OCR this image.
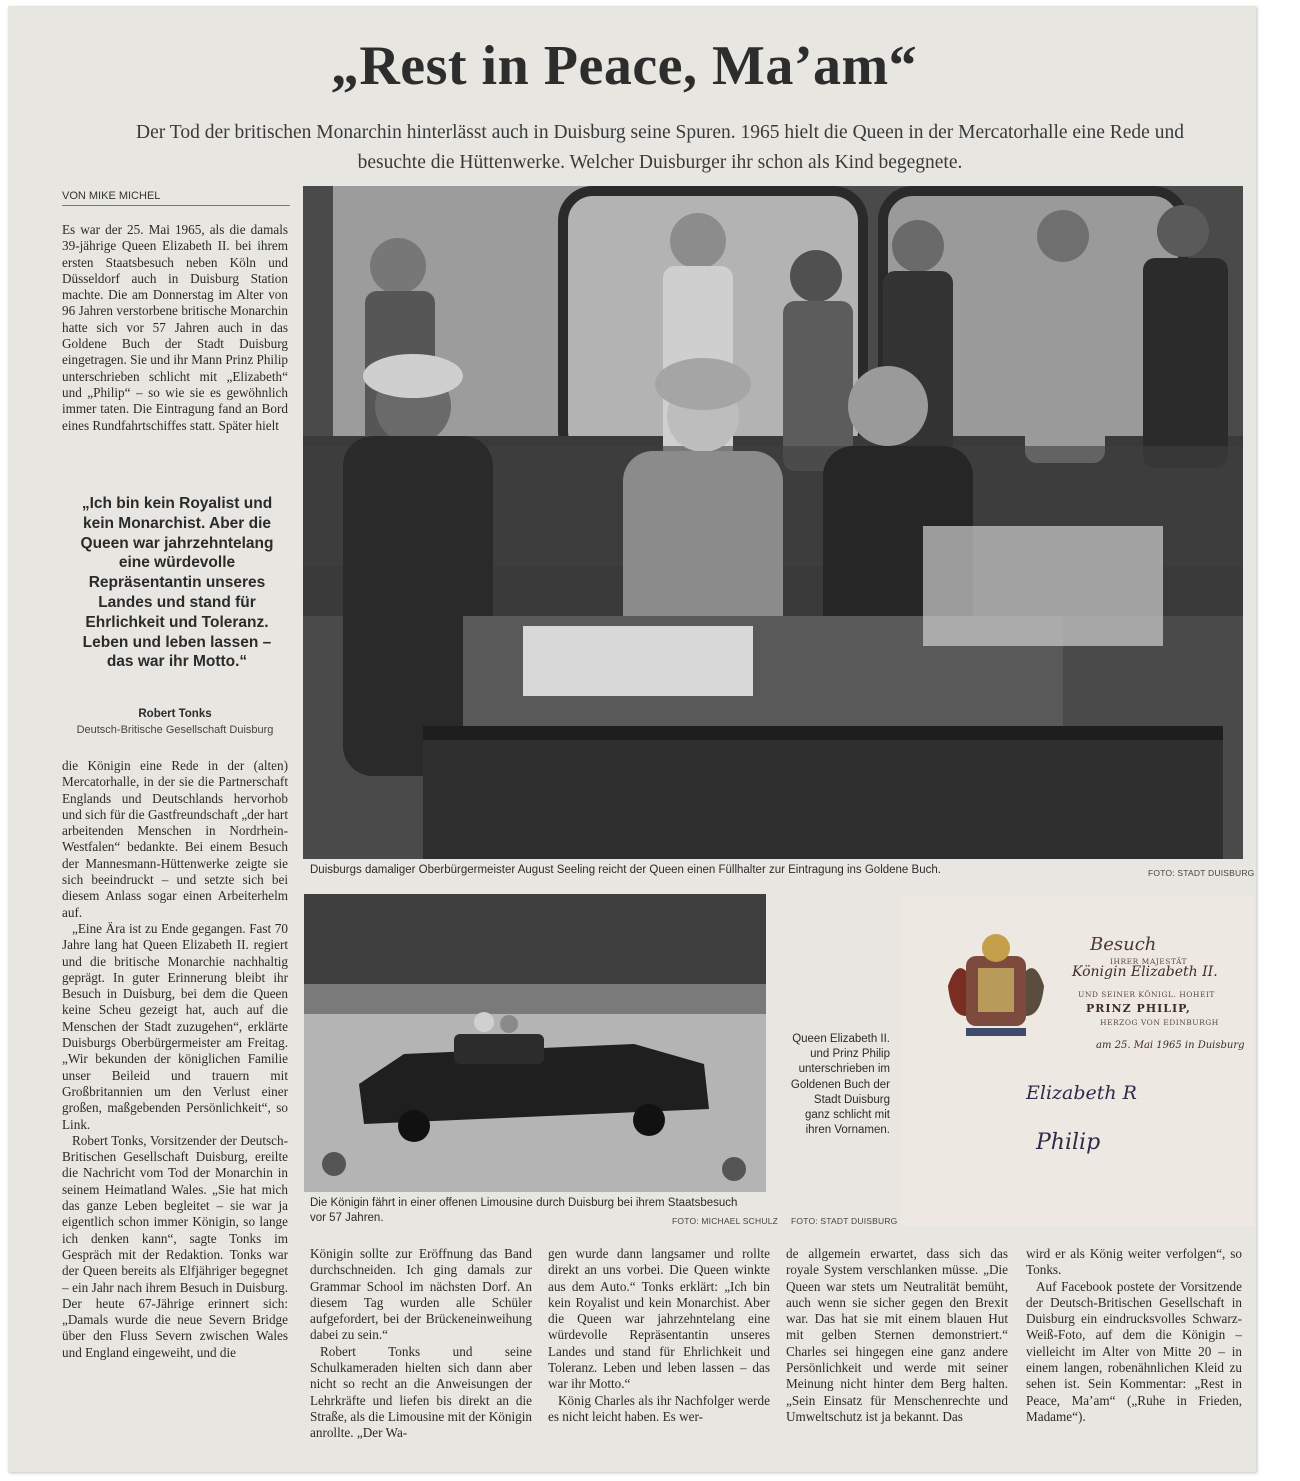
„Rest in Peace, Ma’am“

Der Tod der britischen Monarchin hinterlässt auch in Duisburg seine Spuren. 1965 hielt die Queen in der Mercatorhalle eine Rede und besuchte die Hüttenwerke. Welcher Duisburger ihr schon als Kind begegnete.

VON MIKE MICHEL

Es war der 25. Mai 1965, als die damals 39-jährige Queen Elizabeth II. bei ihrem ersten Staatsbesuch neben Köln und Düsseldorf auch in Duisburg Station machte. Die am Donnerstag im Alter von 96 Jahren verstorbene britische Monarchin hatte sich vor 57 Jahren auch in das Goldene Buch der Stadt Duisburg eingetragen. Sie und ihr Mann Prinz Philip unterschrieben schlicht mit „Elizabeth“ und „Philip“ – so wie sie es gewöhnlich immer taten. Die Eintragung fand an Bord eines Rundfahrtschiffes statt. Später hielt

„Ich bin kein Royalist und kein Monarchist. Aber die Queen war jahrzehntelang eine würdevolle Repräsentantin unseres Landes und stand für Ehrlichkeit und Toleranz. Leben und leben lassen – das war ihr Motto.“
Robert Tonks
Deutsch-Britische Gesellschaft Duisburg

die Königin eine Rede in der (alten) Mercatorhalle, in der sie die Partnerschaft Englands und Deutschlands hervorhob und sich für die Gastfreundschaft „der hart arbeitenden Menschen in Nordrhein-Westfalen“ bedankte. Bei einem Besuch der Mannesmann-Hüttenwerke zeigte sie sich beeindruckt – und setzte sich bei diesem Anlass sogar einen Arbeiterhelm auf.

„Eine Ära ist zu Ende gegangen. Fast 70 Jahre lang hat Queen Elizabeth II. regiert und die britische Monarchie nachhaltig geprägt. In guter Erinnerung bleibt ihr Besuch in Duisburg, bei dem die Queen keine Scheu gezeigt hat, auch auf die Menschen der Stadt zuzugehen“, erklärte Duisburgs Oberbürgermeister am Freitag. „Wir bekunden der königlichen Familie unser Beileid und trauern mit Großbritannien um den Verlust einer großen, maßgebenden Persönlichkeit“, so Link.

Robert Tonks, Vorsitzender der Deutsch-Britischen Gesellschaft Duisburg, ereilte die Nachricht vom Tod der Monarchin in seinem Heimatland Wales. „Sie hat mich das ganze Leben begleitet – sie war ja eigentlich schon immer Königin, so lange ich denken kann“, sagte Tonks im Gespräch mit der Redaktion. Tonks war der Queen bereits als Elfjähriger begegnet – ein Jahr nach ihrem Besuch in Duisburg. Der heute 67-Jährige erinnert sich: „Damals wurde die neue Severn Bridge über den Fluss Severn zwischen Wales und England eingeweiht, und die

Duisburgs damaliger Oberbürgermeister August Seeling reicht der Queen einen Füllhalter zur Eintragung ins Goldene Buch.	FOTO: STADT DUISBURG
Die Königin fährt in einer offenen Limousine durch Duisburg bei ihrem Staatsbesuch vor 57 Jahren.	FOTO: MICHAEL SCHULZ
Queen Elizabeth II. und Prinz Philip unterschrieben im Goldenen Buch der Stadt Duisburg ganz schlicht mit ihren Vornamen.
FOTO: STADT DUISBURG
Besuch
IHRER MAJESTÄT
Königin Elizabeth II.
UND SEINER KÖNIGL. HOHEIT
PRINZ PHILIP,
HERZOG VON EDINBURGH
am 25. Mai 1965 in Duisburg
Elizabeth R
Philip

Königin sollte zur Eröffnung das Band durchschneiden. Ich ging damals zur Grammar School im nächsten Dorf. An diesem Tag wurden alle Schüler aufgefordert, bei der Brückeneinweihung dabei zu sein.“

Robert Tonks und seine Schulkameraden hielten sich dann aber nicht so recht an die Anweisungen der Lehrkräfte und liefen bis direkt an die Straße, als die Limousine mit der Königin anrollte. „Der Wa-

gen wurde dann langsamer und rollte direkt an uns vorbei. Die Queen winkte aus dem Auto.“ Tonks erklärt: „Ich bin kein Royalist und kein Monarchist. Aber die Queen war jahrzehntelang eine würdevolle Repräsentantin unseres Landes und stand für Ehrlichkeit und Toleranz. Leben und leben lassen – das war ihr Motto.“

König Charles als ihr Nachfolger werde es nicht leicht haben. Es wer-

de allgemein erwartet, dass sich das royale System verschlanken müsse. „Die Queen war stets um Neutralität bemüht, auch wenn sie sicher gegen den Brexit war. Das hat sie mit einem blauen Hut mit gelben Sternen demonstriert.“ Charles sei hingegen eine ganz andere Persönlichkeit und werde mit seiner Meinung nicht hinter dem Berg halten. „Sein Einsatz für Menschenrechte und Umweltschutz ist ja bekannt. Das

wird er als König weiter verfolgen“, so Tonks.

Auf Facebook postete der Vorsitzende der Deutsch-Britischen Gesellschaft in Duisburg ein eindrucksvolles Schwarz-Weiß-Foto, auf dem die Königin – vielleicht im Alter von Mitte 20 – in einem langen, robenähnlichen Kleid zu sehen ist. Sein Kommentar: „Rest in Peace, Ma’am“ („Ruhe in Frieden, Madame“).
